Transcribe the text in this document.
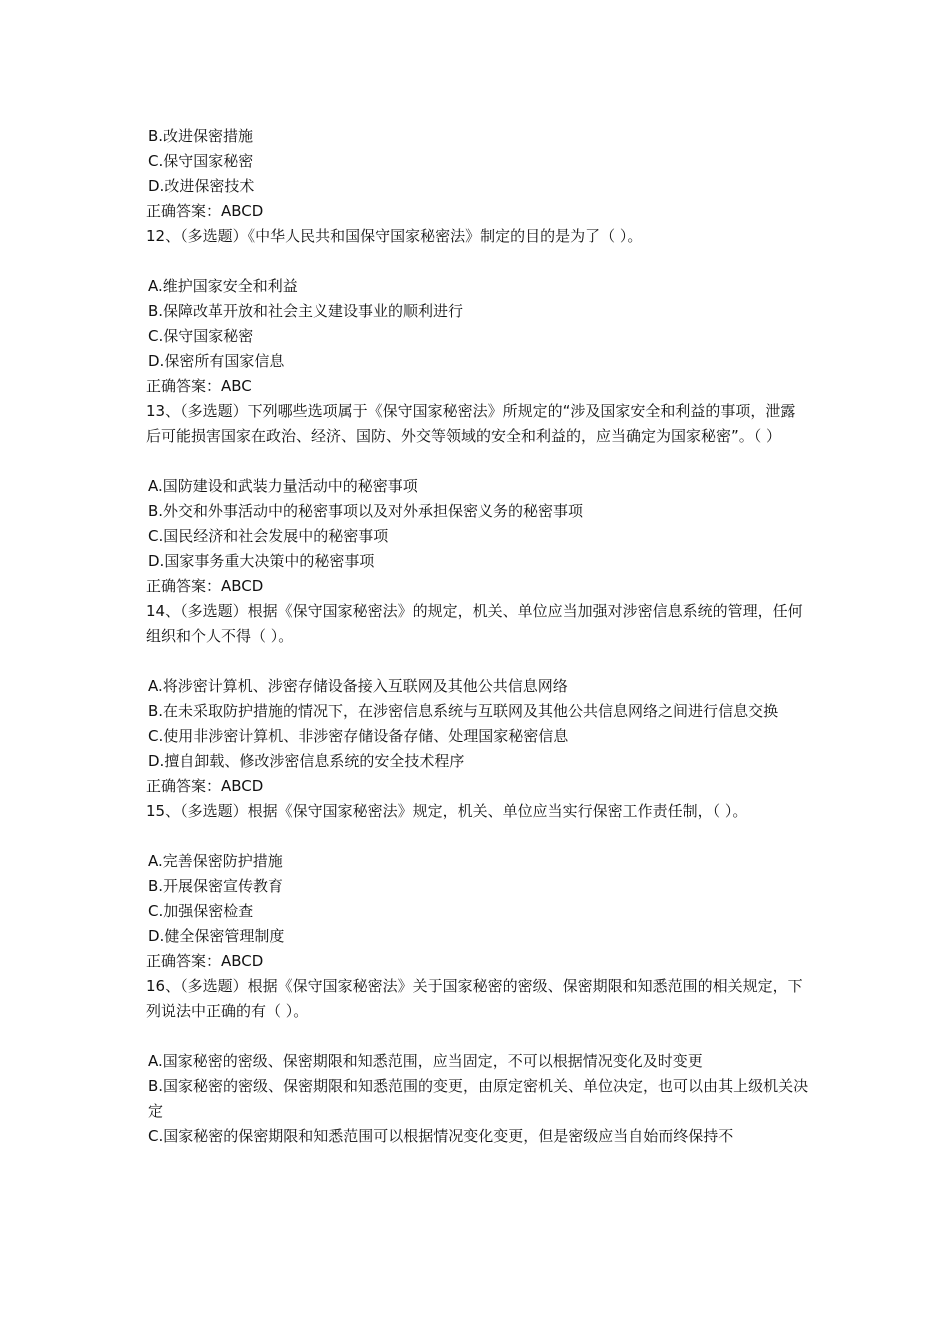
B.改进保密措施
C.保守国家秘密
D.改进保密技术
正确答案：ABCD
12、（多选题）《中华人民共和国保守国家秘密法》制定的目的是为了（ ）。
A.维护国家安全和利益
B.保障改革开放和社会主义建设事业的顺利进行
C.保守国家秘密
D.保密所有国家信息
正确答案：ABC
13、（多选题）下列哪些选项属于《保守国家秘密法》所规定的“涉及国家安全和利益的事项，泄露后可能损害国家在政治、经济、国防、外交等领域的安全和利益的，应当确定为国家秘密”。（ ）
A.国防建设和武装力量活动中的秘密事项
B.外交和外事活动中的秘密事项以及对外承担保密义务的秘密事项
C.国民经济和社会发展中的秘密事项
D.国家事务重大决策中的秘密事项
正确答案：ABCD
14、（多选题）根据《保守国家秘密法》的规定，机关、单位应当加强对涉密信息系统的管理，任何组织和个人不得（ ）。
A.将涉密计算机、涉密存储设备接入互联网及其他公共信息网络
B.在未采取防护措施的情况下，在涉密信息系统与互联网及其他公共信息网络之间进行信息交换
C.使用非涉密计算机、非涉密存储设备存储、处理国家秘密信息
D.擅自卸载、修改涉密信息系统的安全技术程序
正确答案：ABCD
15、（多选题）根据《保守国家秘密法》规定，机关、单位应当实行保密工作责任制，（ ）。
A.完善保密防护措施
B.开展保密宣传教育
C.加强保密检查
D.健全保密管理制度
正确答案：ABCD
16、（多选题）根据《保守国家秘密法》关于国家秘密的密级、保密期限和知悉范围的相关规定，下列说法中正确的有（ ）。
A.国家秘密的密级、保密期限和知悉范围，应当固定，不可以根据情况变化及时变更
B.国家秘密的密级、保密期限和知悉范围的变更，由原定密机关、单位决定，也可以由其上级机关决定
C.国家秘密的保密期限和知悉范围可以根据情况变化变更，但是密级应当自始而终保持不
